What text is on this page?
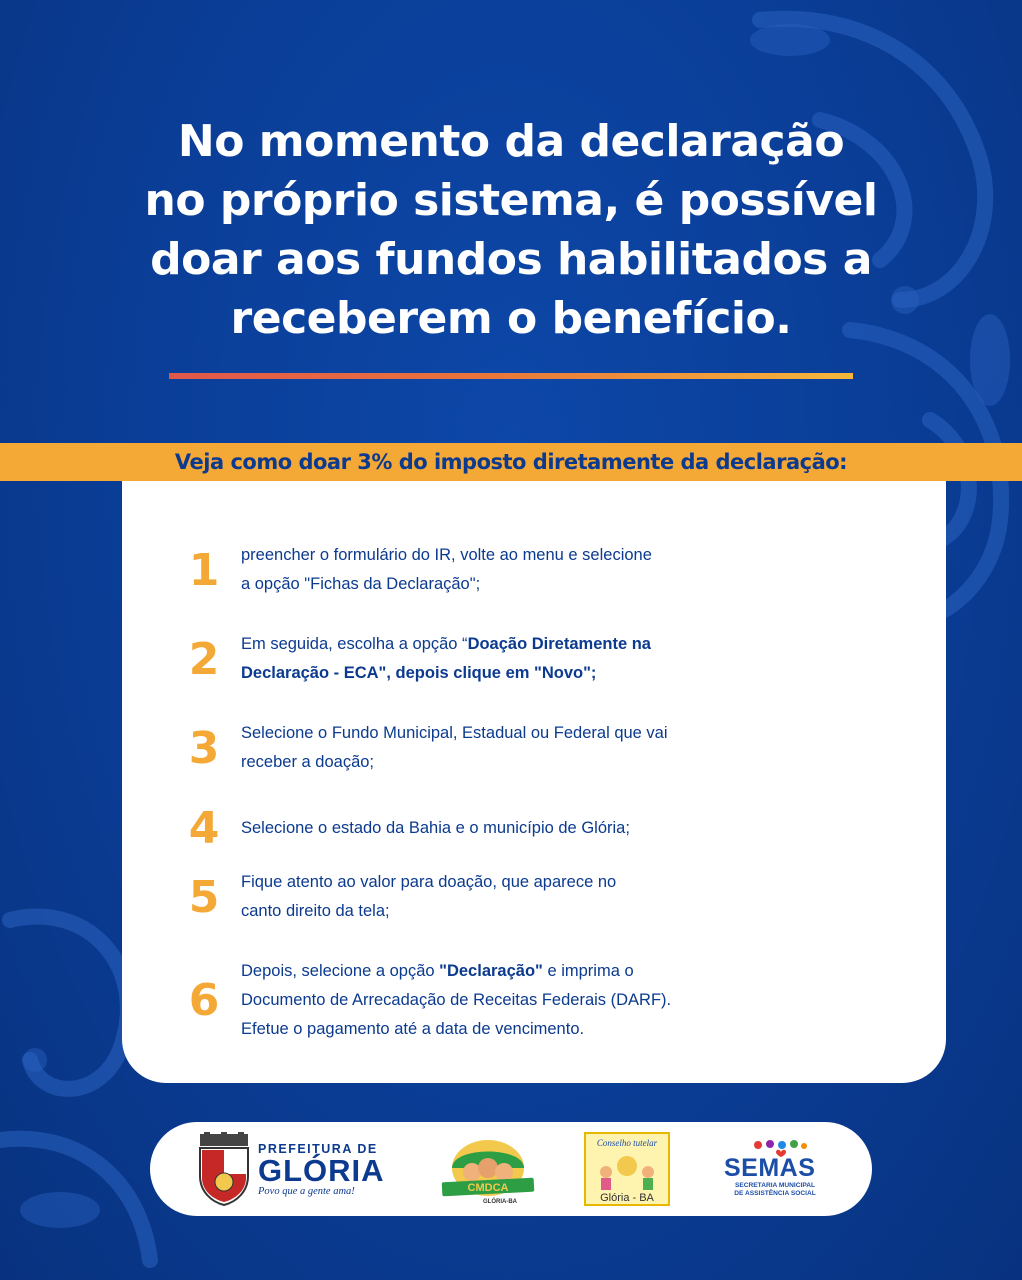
No momento da declaração
no próprio sistema, é possível
doar aos fundos habilitados a
receberem o benefício.
Veja como doar 3% do imposto diretamente da declaração:
1	preencher o formulário do IR, volte ao menu e selecione
a opção "Fichas da Declaração";
2	Em seguida, escolha a opção “Doação Diretamente na
Declaração - ECA", depois clique em "Novo";
3	Selecione o Fundo Municipal, Estadual ou Federal que vai
receber a doação;
4	Selecione o estado da Bahia e o município de Glória;
5	Fique atento ao valor para doação, que aparece no
canto direito da tela;
6
Depois, selecione a opção "Declaração" e imprima o
Documento de Arrecadação de Receitas Federais (DARF).
Efetue o pagamento até a data de vencimento.
PREFEITURA DE
GLÓRIA
Povo que a gente ama!	CMDCA
GLÓRIA-BA
Conselho tutelar
Glória - BA
SEMAS
SECRETARIA MUNICIPAL
DE ASSISTÊNCIA SOCIAL
